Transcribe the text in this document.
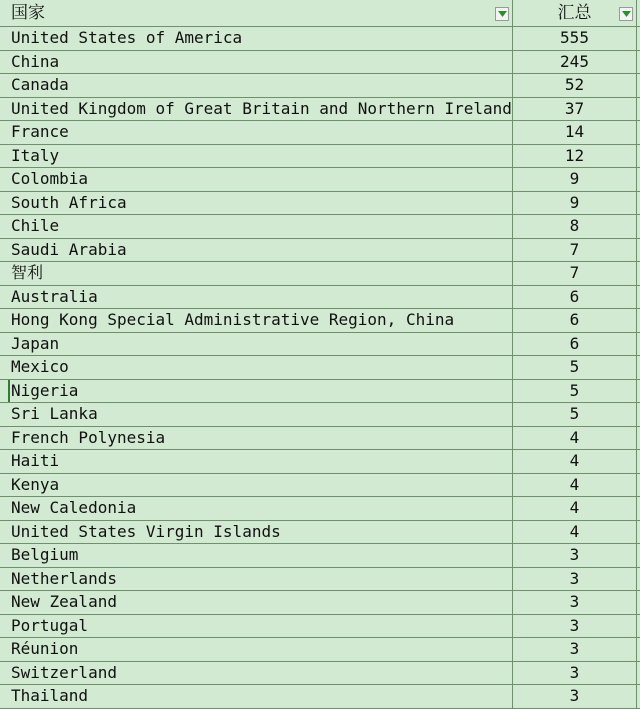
国家	汇总
United States of America	555
China	245
Canada	52
United Kingdom of Great Britain and Northern Ireland	37
France	14
Italy	12
Colombia	9
South Africa	9
Chile	8
Saudi Arabia	7
智利	7
Australia	6
Hong Kong Special Administrative Region, China	6
Japan	6
Mexico	5
Nigeria	5
Sri Lanka	5
French Polynesia	4
Haiti	4
Kenya	4
New Caledonia	4
United States Virgin Islands	4
Belgium	3
Netherlands	3
New Zealand	3
Portugal	3
Réunion	3
Switzerland	3
Thailand	3
